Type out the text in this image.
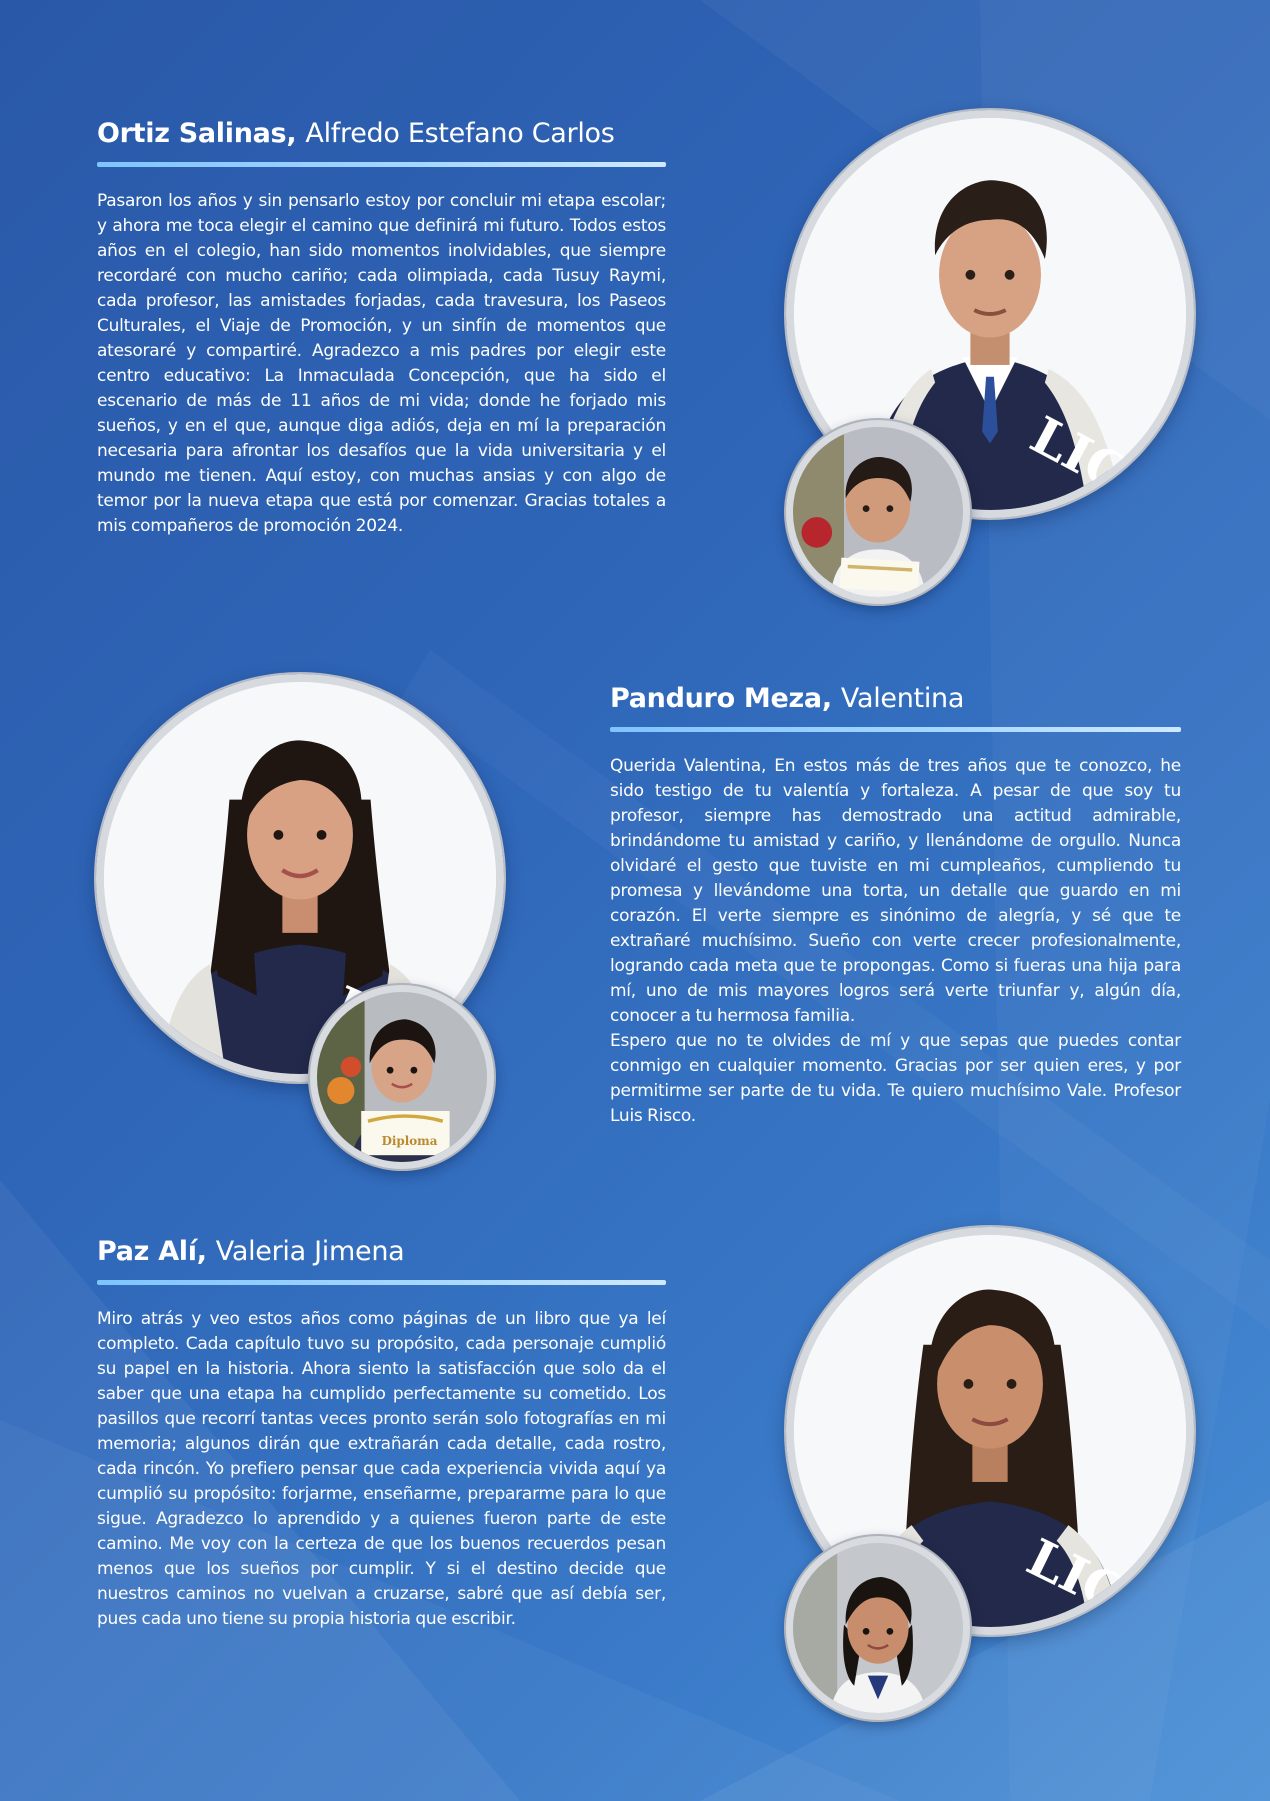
Ortiz Salinas, Alfredo Estefano Carlos

Pasaron los años y sin pensarlo estoy por concluir mi etapa escolar; y ahora me toca elegir el camino que definirá mi futuro. Todos estos años en el colegio, han sido momentos inolvidables, que siempre recordaré con mucho cariño; cada olimpiada, cada Tusuy Raymi, cada profesor, las amistades forjadas, cada travesura, los Paseos Culturales, el Viaje de Promoción, y un sinfín de momentos que atesoraré y compartiré. Agradezco a mis padres por elegir este centro educativo: La Inmaculada Concepción, que ha sido el escenario de más de 11 años de mi vida; donde he forjado mis sueños, y en el que, aunque diga adiós, deja en mí la preparación necesaria para afrontar los desafíos que la vida universitaria y el mundo me tienen. Aquí estoy, con muchas ansias y con algo de temor por la nueva etapa que está por comenzar. Gracias totales a mis compañeros de promoción 2024.

LIC
Panduro Meza, Valentina

Querida Valentina, En estos más de tres años que te conozco, he sido testigo de tu valentía y fortaleza. A pesar de que soy tu profesor, siempre has demostrado una actitud admirable, brindándome tu amistad y cariño, y llenándome de orgullo. Nunca olvidaré el gesto que tuviste en mi cumpleaños, cumpliendo tu promesa y llevándome una torta, un detalle que guardo en mi corazón. El verte siempre es sinónimo de alegría, y sé que te extrañaré muchísimo. Sueño con verte crecer profesionalmente, logrando cada meta que te propongas. Como si fueras una hija para mí, uno de mis mayores logros será verte triunfar y, algún día, conocer a tu hermosa familia.

Espero que no te olvides de mí y que sepas que puedes contar conmigo en cualquier momento. Gracias por ser quien eres, y por permitirme ser parte de tu vida. Te quiero muchísimo Vale. Profesor Luis Risco.

Diploma
Paz Alí, Valeria Jimena

Miro atrás y veo estos años como páginas de un libro que ya leí completo. Cada capítulo tuvo su propósito, cada personaje cumplió su papel en la historia. Ahora siento la satisfacción que solo da el saber que una etapa ha cumplido perfectamente su cometido. Los pasillos que recorrí tantas veces pronto serán solo fotografías en mi memoria; algunos dirán que extrañarán cada detalle, cada rostro, cada rincón. Yo prefiero pensar que cada experiencia vivida aquí ya cumplió su propósito: forjarme, enseñarme, prepararme para lo que sigue. Agradezco lo aprendido y a quienes fueron parte de este camino. Me voy con la certeza de que los buenos recuerdos pesan menos que los sueños por cumplir. Y si el destino decide que nuestros caminos no vuelvan a cruzarse, sabré que así debía ser, pues cada uno tiene su propia historia que escribir.	LIC
